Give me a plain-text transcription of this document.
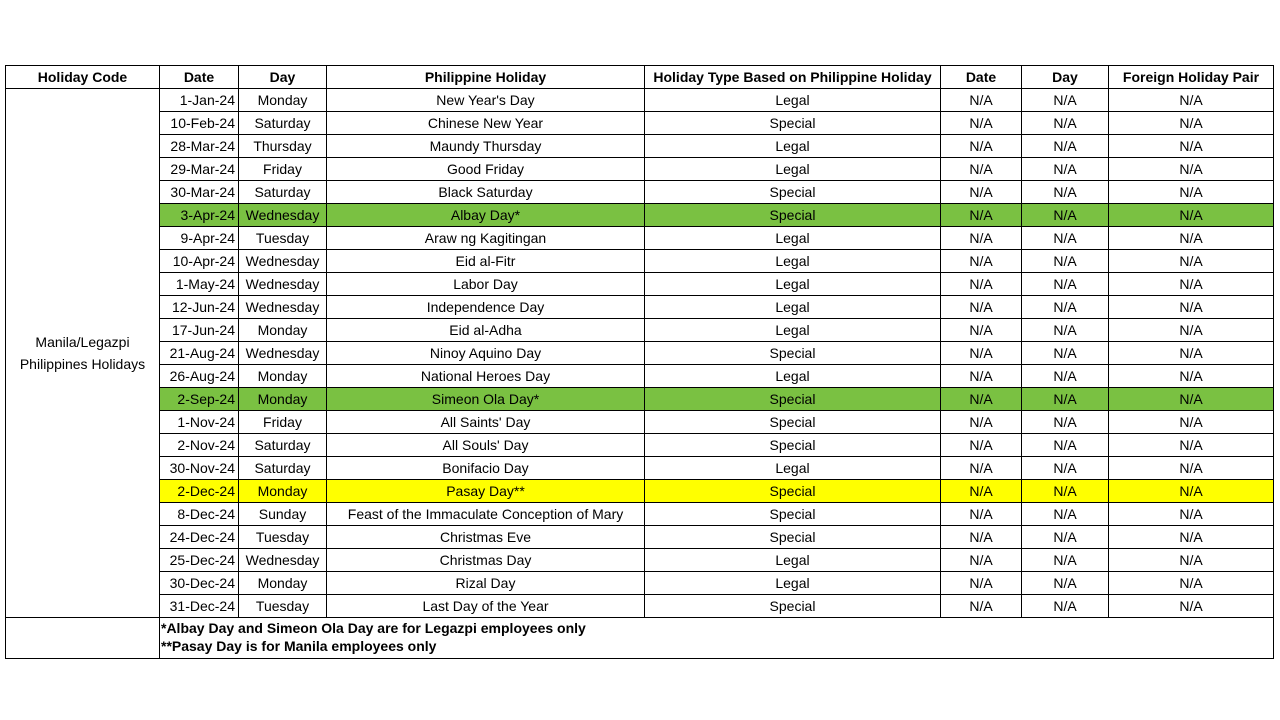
Holiday Code	Date	Day	Philippine Holiday	Holiday Type Based on Philippine Holiday	Date	Day	Foreign Holiday Pair

Manila/Legazpi
Philippines Holidays	1-Jan-24	Monday	New Year's Day	Legal	N/A	N/A	N/A
	10-Feb-24	Saturday	Chinese New Year	Special	N/A	N/A	N/A
	28-Mar-24	Thursday	Maundy Thursday	Legal	N/A	N/A	N/A
	29-Mar-24	Friday	Good Friday	Legal	N/A	N/A	N/A
	30-Mar-24	Saturday	Black Saturday	Special	N/A	N/A	N/A
	3-Apr-24	Wednesday	Albay Day*	Special	N/A	N/A	N/A
	9-Apr-24	Tuesday	Araw ng Kagitingan	Legal	N/A	N/A	N/A
	10-Apr-24	Wednesday	Eid al-Fitr	Legal	N/A	N/A	N/A
	1-May-24	Wednesday	Labor Day	Legal	N/A	N/A	N/A
	12-Jun-24	Wednesday	Independence Day	Legal	N/A	N/A	N/A
	17-Jun-24	Monday	Eid al-Adha	Legal	N/A	N/A	N/A
	21-Aug-24	Wednesday	Ninoy Aquino Day	Special	N/A	N/A	N/A
	26-Aug-24	Monday	National Heroes Day	Legal	N/A	N/A	N/A
	2-Sep-24	Monday	Simeon Ola Day*	Special	N/A	N/A	N/A
	1-Nov-24	Friday	All Saints' Day	Special	N/A	N/A	N/A
	2-Nov-24	Saturday	All Souls' Day	Special	N/A	N/A	N/A
	30-Nov-24	Saturday	Bonifacio Day	Legal	N/A	N/A	N/A
	2-Dec-24	Monday	Pasay Day**	Special	N/A	N/A	N/A
	8-Dec-24	Sunday	Feast of the Immaculate Conception of Mary	Special	N/A	N/A	N/A
	24-Dec-24	Tuesday	Christmas Eve	Special	N/A	N/A	N/A
	25-Dec-24	Wednesday	Christmas Day	Legal	N/A	N/A	N/A
	30-Dec-24	Monday	Rizal Day	Legal	N/A	N/A	N/A
	31-Dec-24	Tuesday	Last Day of the Year	Special	N/A	N/A	N/A

	*Albay Day and Simeon Ola Day are for Legazpi employees only
**Pasay Day is for Manila employees only						
